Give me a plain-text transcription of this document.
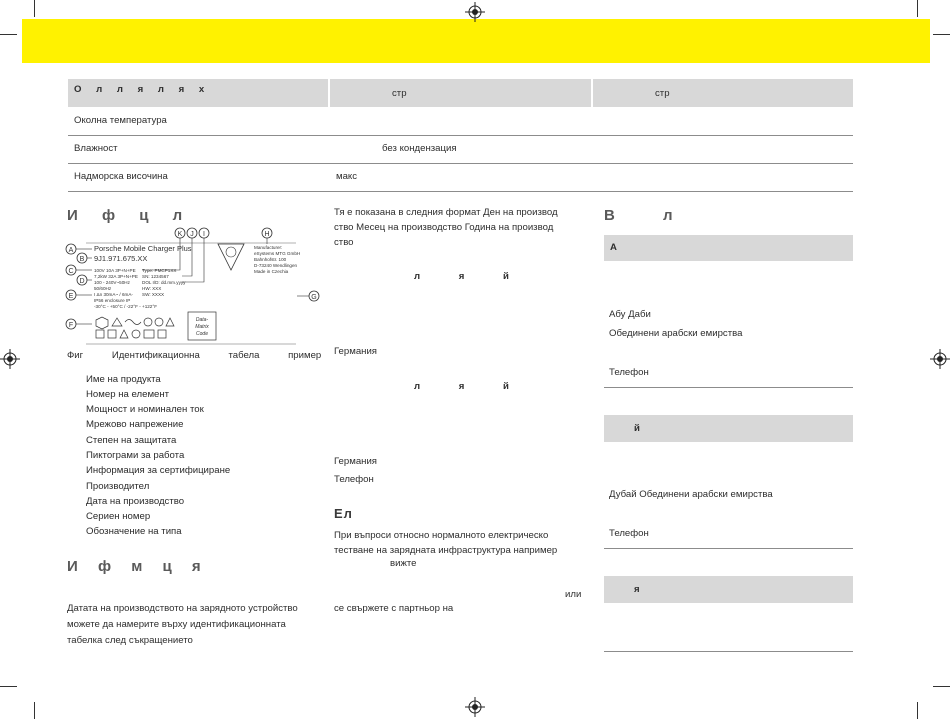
О л л я л я х	стр	стр
Околна температура
Влажност	без кондензация
Надморска височина	макс
И ф ц л
K J I	H
A
B
C
D
E
F
G
Porsche Mobile Charger Plus
9J1.971.675.XX
100V 10A 3P+N+PE
7,2kW 32A 3P+N+PE
100 - 240V~50Hz
50/60Hz
I Δn 30mA~ / 6mA-
IP56 enclosure IP
-30°C - +50°C / -22°F - +122°F
Type: PMCP1XX
SN: 1234567
DOL I/D: dd.mm.yyyy
HW: XXX
SW: XXXX
Manufacturer:
eSystems MTG GmbH
Bahnhofstr. 100
D-73240 Wendlingen
Made in Czechia
Data-
Matrix
Code
Фиг Идентификационна табела пример
Име на продукта
Номер на елемент
Мощност и номинален ток
Мрежово напрежение
Степен на защитата
Пиктограми за работа
Информация за сертифициране
Производител
Дата на производство
Сериен номер
Обозначение на типа
И ф м ц я
Датата на производството на зарядното устройство
можете да намерите върху идентификационната
табелка след съкращението
Тя е показана в следния формат Ден на производ
ство Месец на производство Година на производ
ство
л я й
Германия
л я й
Германия
Телефон
Ел
При въпроси относно нормалното електрическо
тестване на зарядната инфраструктура например
вижте
или
се свържете с партньор на
В л
А
Абу Даби
Обединени арабски емирства
Телефон
й
Дубай Обединени арабски емирства
Телефон
я
